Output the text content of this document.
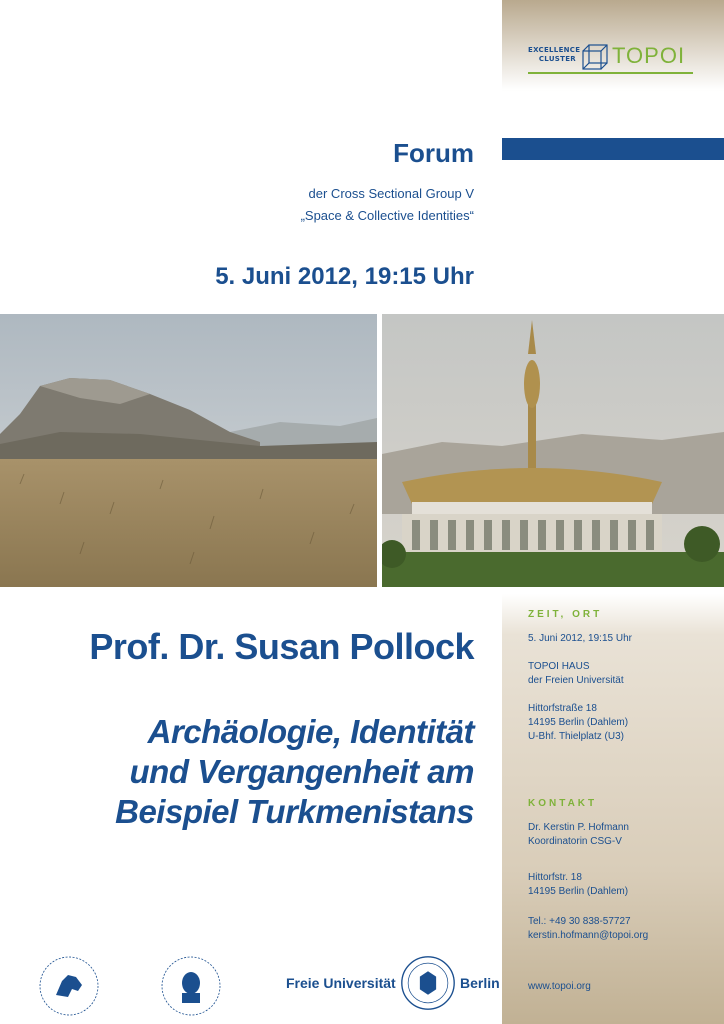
EXCELLENCE
CLUSTER TOPOI
Forum
der Cross Sectional Group V
„Space & Collective Identities“
5. Juni 2012, 19:15 Uhr
Prof. Dr. Susan Pollock
Archäologie, Identität
und Vergangenheit am
Beispiel Turkmenistans
ZEIT, ORT
5. Juni 2012, 19:15 Uhr
TOPOI HAUS
der Freien Universität
Hittorfstraße 18
14195 Berlin (Dahlem)
U-Bhf. Thielplatz (U3)
KONTAKT
Dr. Kerstin P. Hofmann
Koordinatorin CSG-V
Hittorfstr. 18
14195 Berlin (Dahlem)
Tel.: +49 30 838-57727
kerstin.hofmann@topoi.org
www.topoi.org
Freie Universität	Berlin
